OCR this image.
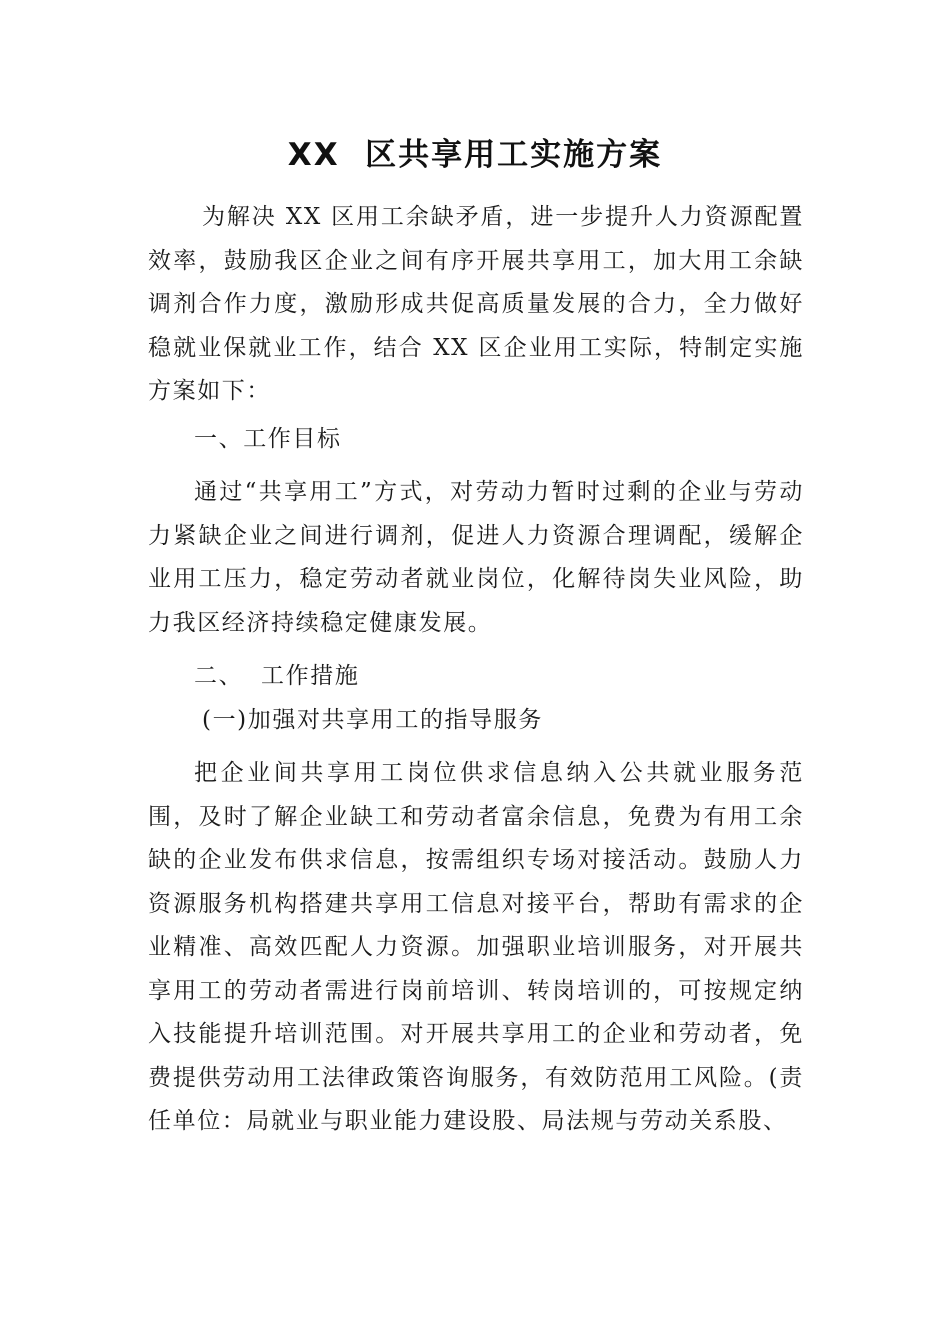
XX  区共享用工实施方案

为解决 XX 区用工余缺矛盾，进一步提升人力资源配置效率，鼓励我区企业之间有序开展共享用工，加大用工余缺调剂合作力度，激励形成共促高质量发展的合力，全力做好稳就业保就业工作，结合 XX 区企业用工实际，特制定实施方案如下：

一、工作目标

通过“共享用工”方式，对劳动力暂时过剩的企业与劳动力紧缺企业之间进行调剂，促进人力资源合理调配，缓解企业用工压力，稳定劳动者就业岗位，化解待岗失业风险，助力我区经济持续稳定健康发展。

二、  工作措施

(一)加强对共享用工的指导服务

把企业间共享用工岗位供求信息纳入公共就业服务范围，及时了解企业缺工和劳动者富余信息，免费为有用工余缺的企业发布供求信息，按需组织专场对接活动。鼓励人力资源服务机构搭建共享用工信息对接平台，帮助有需求的企业精准、高效匹配人力资源。加强职业培训服务，对开展共享用工的劳动者需进行岗前培训、转岗培训的，可按规定纳入技能提升培训范围。对开展共享用工的企业和劳动者，免费提供劳动用工法律政策咨询服务，有效防范用工风险。(责任单位：局就业与职业能力建设股、局法规与劳动关系股、
